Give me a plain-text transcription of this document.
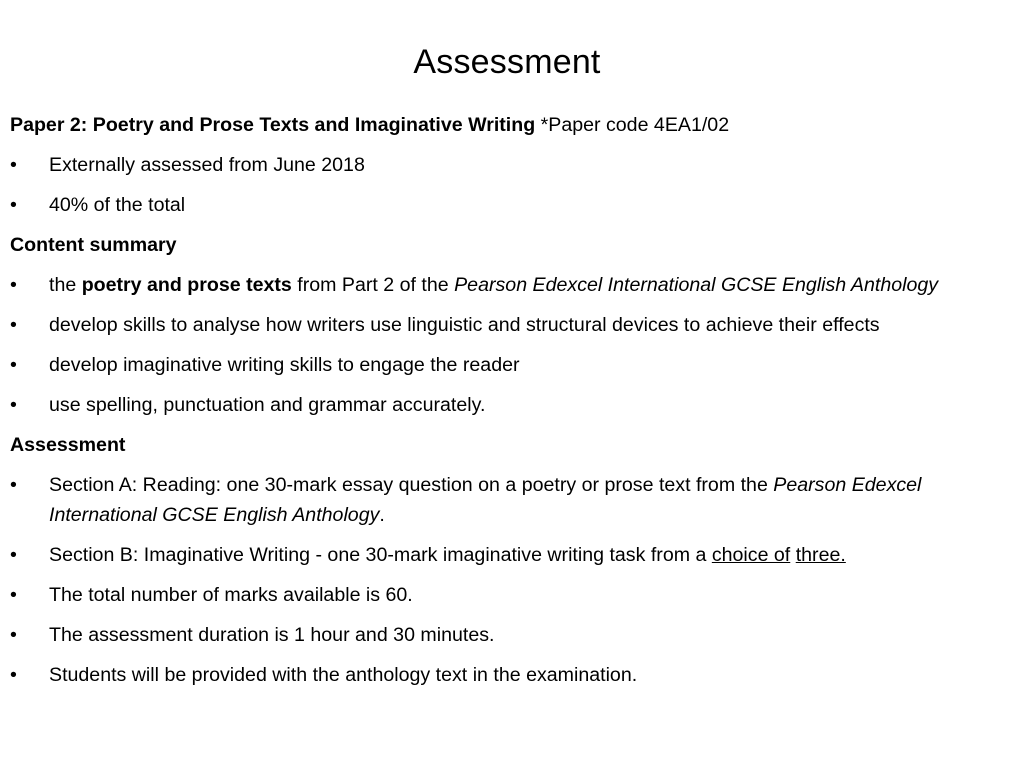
Assessment

Paper 2: Poetry and Prose Texts and Imaginative Writing *Paper code 4EA1/02

• Externally assessed from June 2018
• 40% of the total

Content summary

• the poetry and prose texts from Part 2 of the Pearson Edexcel International GCSE English Anthology
• develop skills to analyse how writers use linguistic and structural devices to achieve their effects
• develop imaginative writing skills to engage the reader
• use spelling, punctuation and grammar accurately.

Assessment

• Section A: Reading: one 30-mark essay question on a poetry or prose text from the Pearson Edexcel International GCSE English Anthology.
• Section B: Imaginative Writing - one 30-mark imaginative writing task from a choice of three.
• The total number of marks available is 60.
• The assessment duration is 1 hour and 30 minutes.
• Students will be provided with the anthology text in the examination.
